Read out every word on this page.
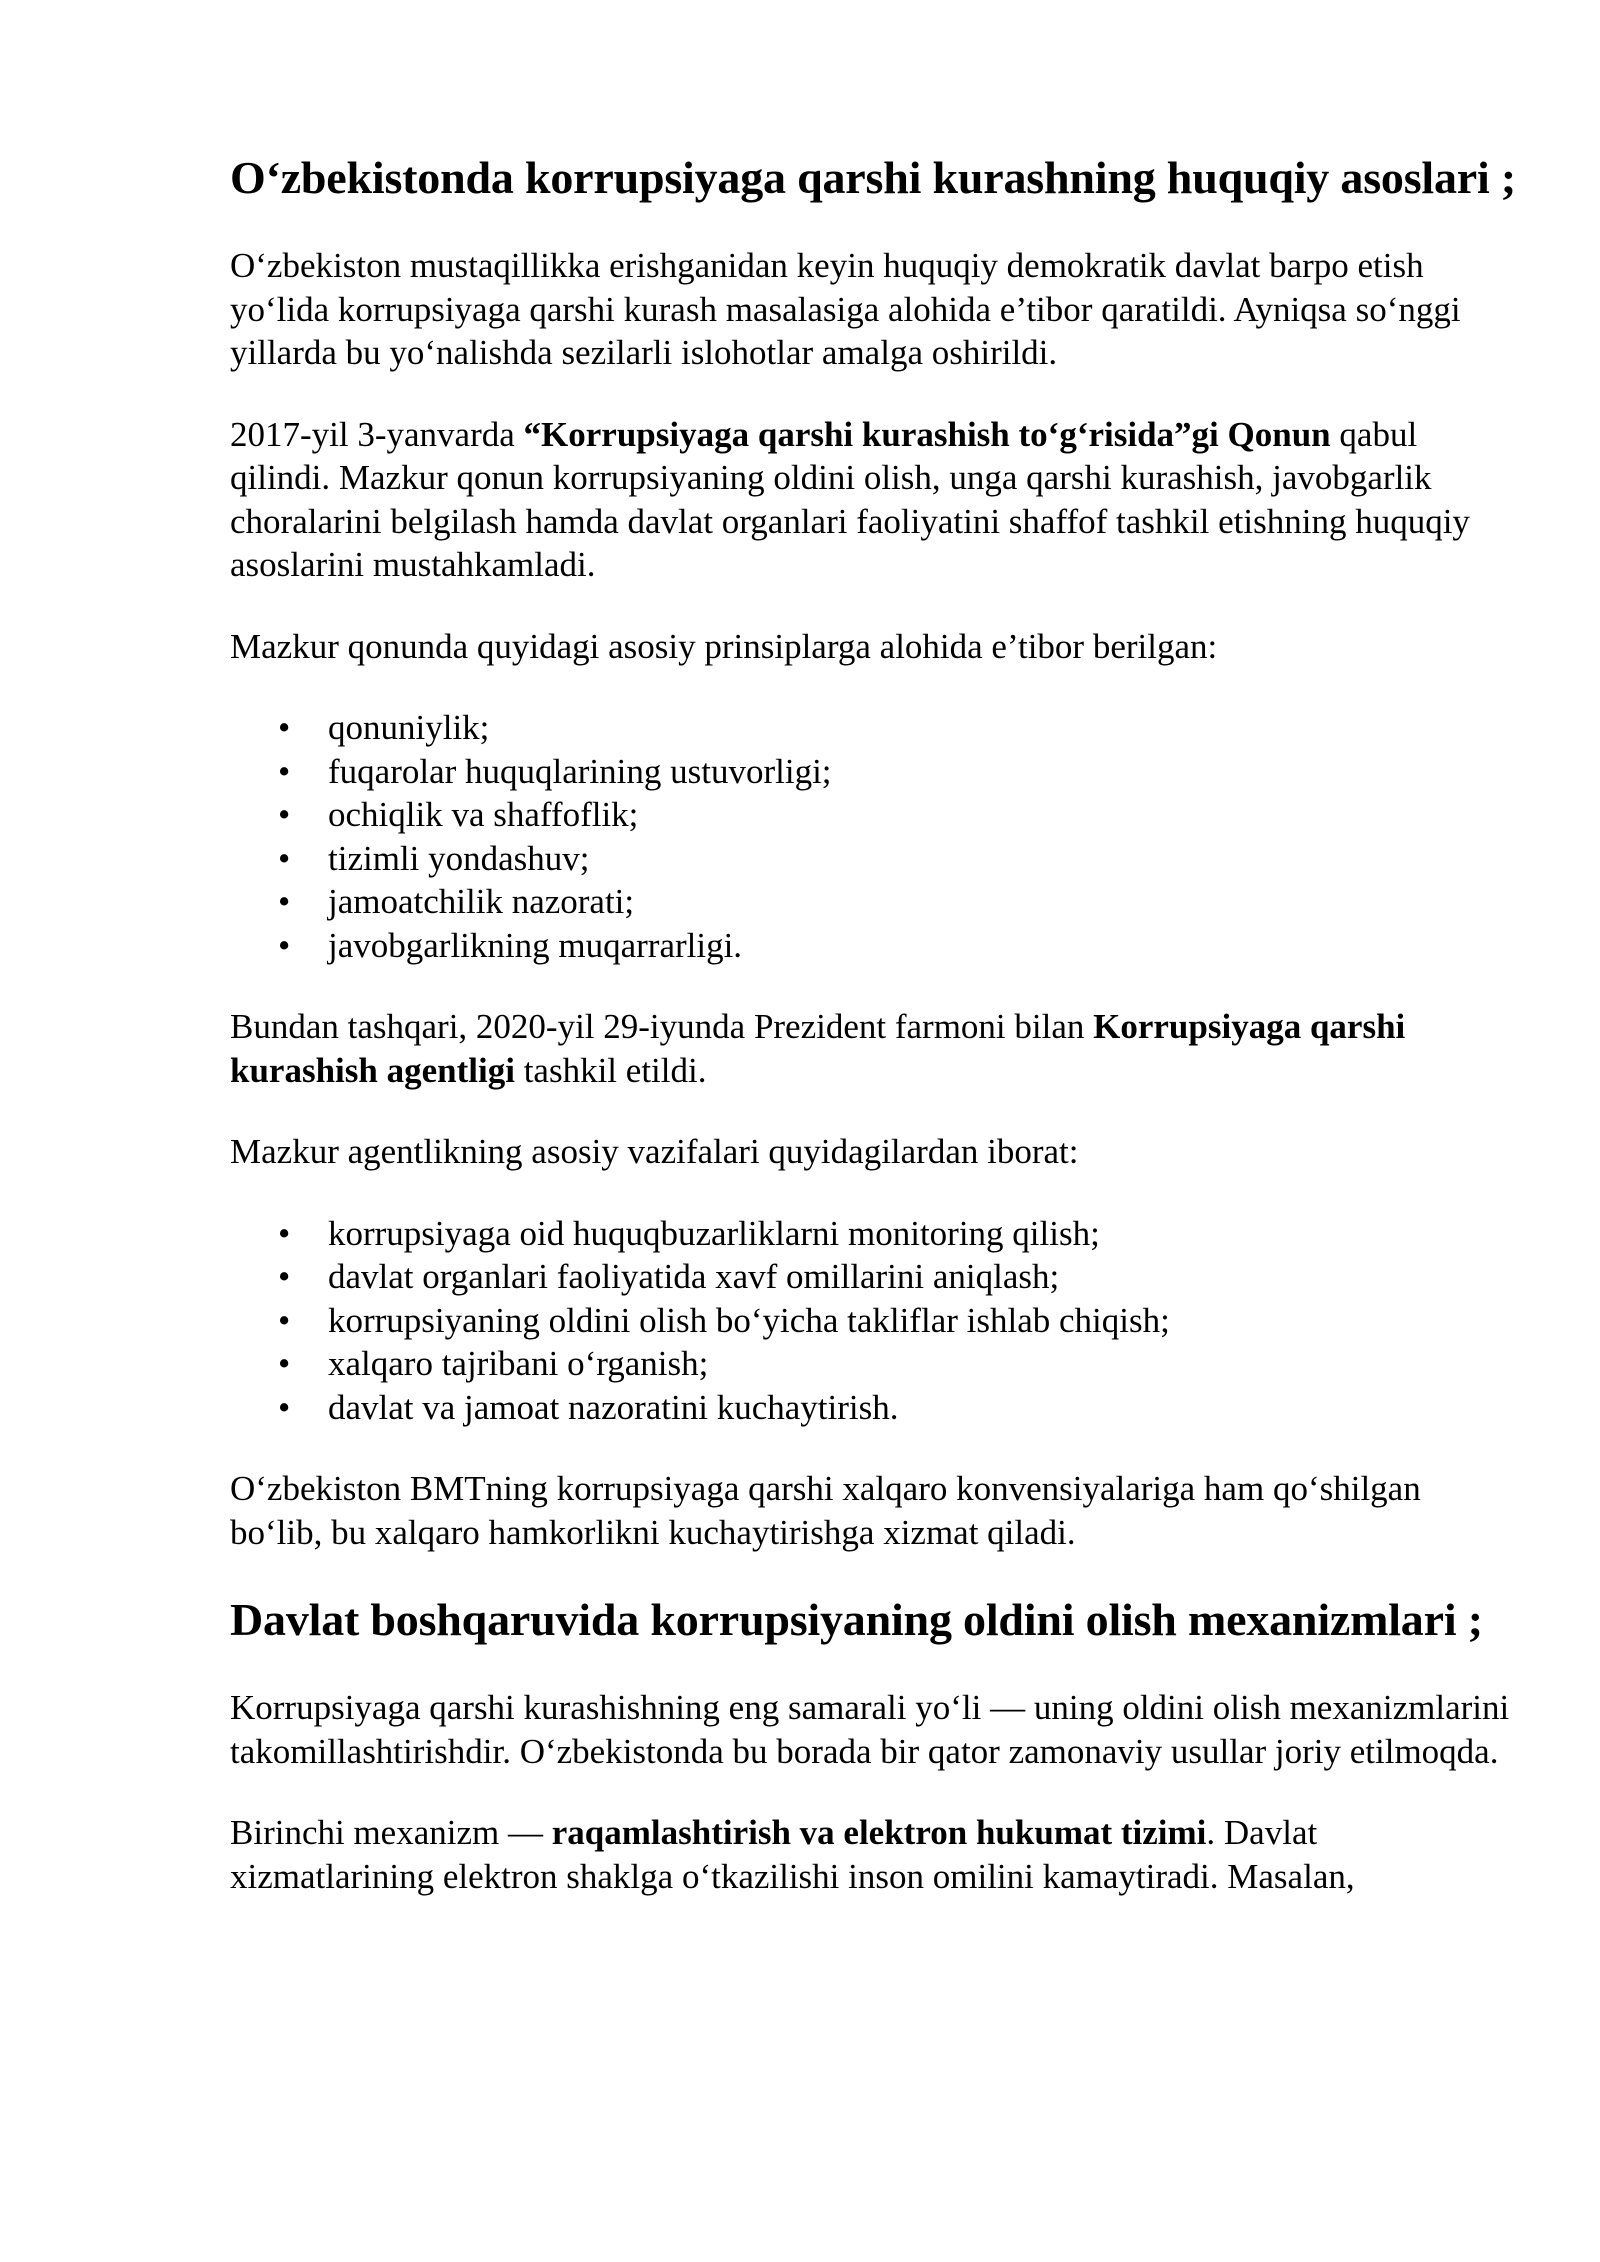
O‘zbekistonda korrupsiyaga qarshi kurashning huquqiy asoslari ;

O‘zbekiston mustaqillikka erishganidan keyin huquqiy demokratik davlat barpo etish yo‘lida korrupsiyaga qarshi kurash masalasiga alohida e’tibor qaratildi. Ayniqsa so‘nggi yillarda bu yo‘nalishda sezilarli islohotlar amalga oshirildi.

2017-yil 3-yanvarda “Korrupsiyaga qarshi kurashish to‘g‘risida”gi Qonun qabul qilindi. Mazkur qonun korrupsiyaning oldini olish, unga qarshi kurashish, javobgarlik choralarini belgilash hamda davlat organlari faoliyatini shaffof tashkil etishning huquqiy asoslarini mustahkamladi.

Mazkur qonunda quyidagi asosiy prinsiplarga alohida e’tibor berilgan:

• qonuniylik;
• fuqarolar huquqlarining ustuvorligi;
• ochiqlik va shaffoflik;
• tizimli yondashuv;
• jamoatchilik nazorati;
• javobgarlikning muqarrarligi.

Bundan tashqari, 2020-yil 29-iyunda Prezident farmoni bilan Korrupsiyaga qarshi kurashish agentligi tashkil etildi.

Mazkur agentlikning asosiy vazifalari quyidagilardan iborat:

• korrupsiyaga oid huquqbuzarliklarni monitoring qilish;
• davlat organlari faoliyatida xavf omillarini aniqlash;
• korrupsiyaning oldini olish bo‘yicha takliflar ishlab chiqish;
• xalqaro tajribani o‘rganish;
• davlat va jamoat nazoratini kuchaytirish.

O‘zbekiston BMTning korrupsiyaga qarshi xalqaro konvensiyalariga ham qo‘shilgan bo‘lib, bu xalqaro hamkorlikni kuchaytirishga xizmat qiladi.

Davlat boshqaruvida korrupsiyaning oldini olish mexanizmlari ;

Korrupsiyaga qarshi kurashishning eng samarali yo‘li — uning oldini olish mexanizmlarini takomillashtirishdir. O‘zbekistonda bu borada bir qator zamonaviy usullar joriy etilmoqda.

Birinchi mexanizm — raqamlashtirish va elektron hukumat tizimi. Davlat xizmatlarining elektron shaklga o‘tkazilishi inson omilini kamaytiradi. Masalan,
